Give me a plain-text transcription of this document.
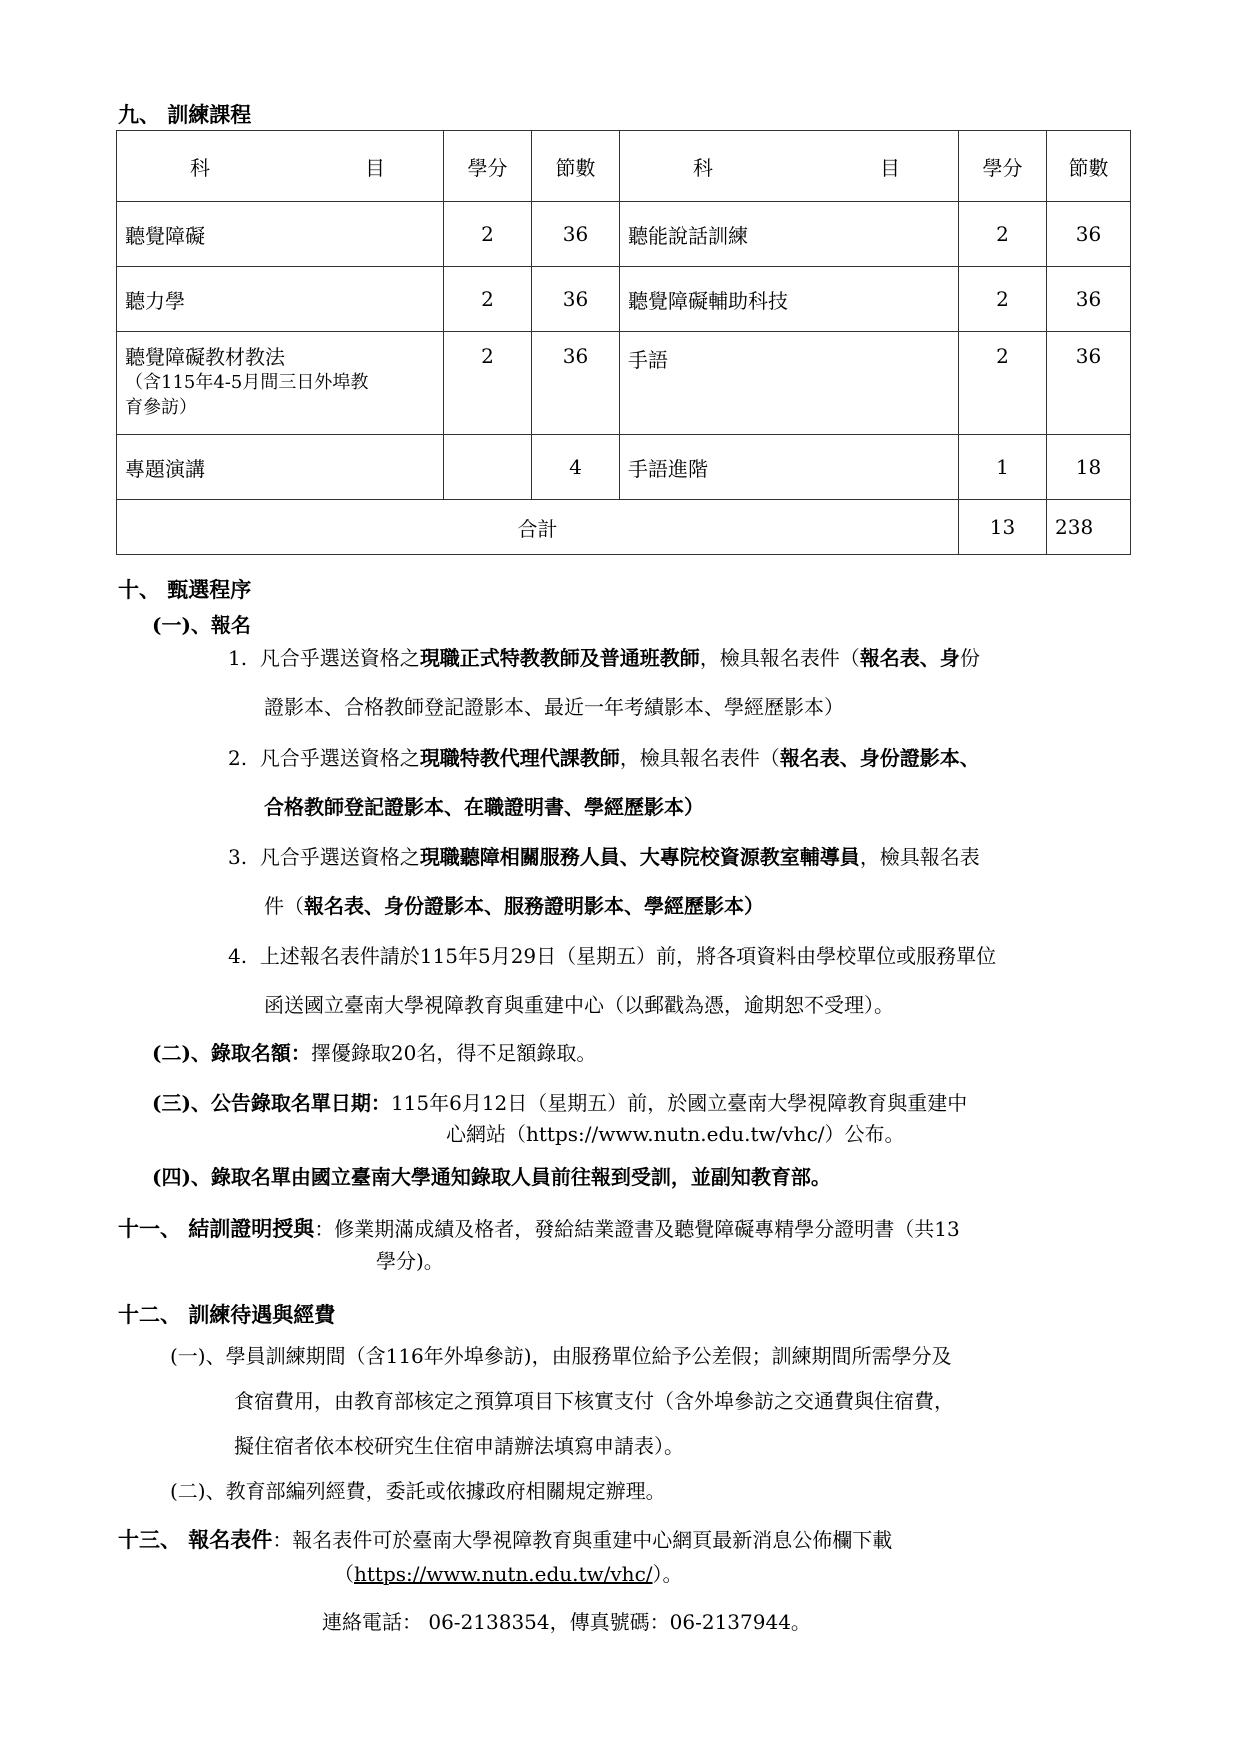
九、 訓練課程
科 目	學分	節數	科 目	學分	節數
聽覺障礙	2	36	聽能說話訓練	2	36
聽力學	2	36	聽覺障礙輔助科技	2	36

聽覺障礙教材教法
（含115年4-5月間三日外埠教
育參訪）	2	36	手語	2	36
專題演講		4	手語進階	1	18
合計				13	238
十、 甄選程序
(一)、報名
1. 凡合乎選送資格之現職正式特教教師及普通班教師，檢具報名表件（報名表、身份
證影本、合格教師登記證影本、最近一年考績影本、學經歷影本）
2. 凡合乎選送資格之現職特教代理代課教師，檢具報名表件（報名表、身份證影本、
合格教師登記證影本、在職證明書、學經歷影本）
3. 凡合乎選送資格之現職聽障相關服務人員、大專院校資源教室輔導員，檢具報名表
件（報名表、身份證影本、服務證明影本、學經歷影本）
4. 上述報名表件請於115年5月29日（星期五）前，將各項資料由學校單位或服務單位
函送國立臺南大學視障教育與重建中心（以郵戳為憑，逾期恕不受理）。
(二)、錄取名額：擇優錄取20名，得不足額錄取。
(三)、公告錄取名單日期：115年6月12日（星期五）前，於國立臺南大學視障教育與重建中
心網站（https://www.nutn.edu.tw/vhc/）公布。
(四)、錄取名單由國立臺南大學通知錄取人員前往報到受訓，並副知教育部。
十一、 結訓證明授與：修業期滿成績及格者，發給結業證書及聽覺障礙專精學分證明書（共13
學分)。
十二、 訓練待遇與經費
(一)、學員訓練期間（含116年外埠參訪)，由服務單位給予公差假；訓練期間所需學分及
食宿費用，由教育部核定之預算項目下核實支付（含外埠參訪之交通費與住宿費，
擬住宿者依本校研究生住宿申請辦法填寫申請表）。
(二)、教育部編列經費，委託或依據政府相關規定辦理。
十三、 報名表件：報名表件可於臺南大學視障教育與重建中心網頁最新消息公佈欄下載
（https://www.nutn.edu.tw/vhc/）。
連絡電話： 06-2138354，傳真號碼：06-2137944。
